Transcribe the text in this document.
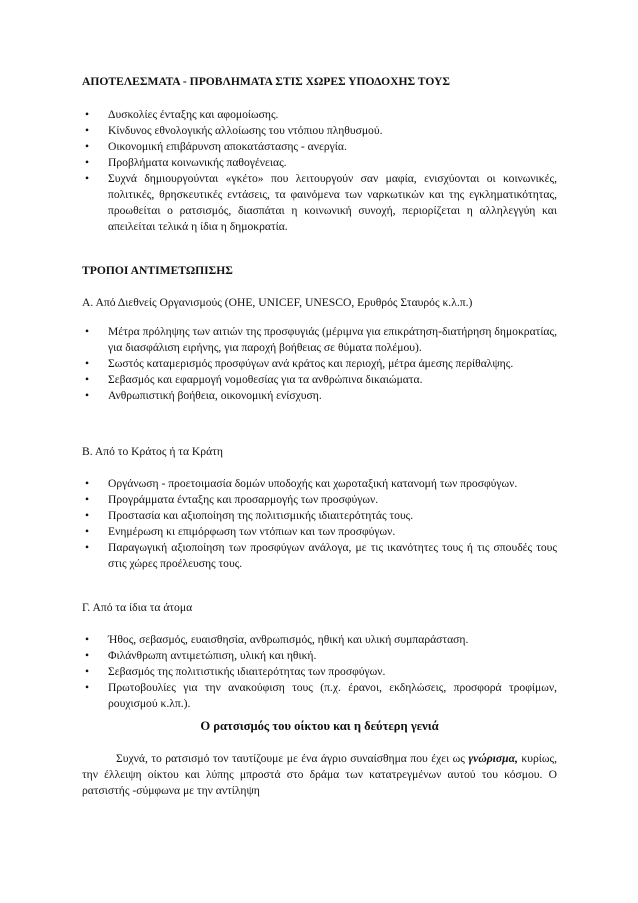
ΑΠΟΤΕΛΕΣΜΑΤΑ - ΠΡΟΒΛΗΜΑΤΑ ΣΤΙΣ ΧΩΡΕΣ ΥΠΟΔΟΧΗΣ ΤΟΥΣ
• Δυσκολίες ένταξης και αφομοίωσης.
• Κίνδυνος εθνολογικής αλλοίωσης του ντόπιου πληθυσμού.
• Οικονομική επιβάρυνση αποκατάστασης - ανεργία.
• Προβλήματα κοινωνικής παθογένειας.
• Συχνά δημιουργούνται «γκέτο» που λειτουργούν σαν μαφία, ενισχύονται οι κοινωνικές, πολιτικές, θρησκευτικές εντάσεις, τα φαινόμενα των ναρκωτικών και της εγκληματικότητας, προωθείται ο ρατσισμός, διασπάται η κοινωνική συνοχή, περιορίζεται η αλληλεγγύη και απειλείται τελικά η ίδια η δημοκρατία.
ΤΡΟΠΟΙ ΑΝΤΙΜΕΤΩΠΙΣΗΣ
Α. Από Διεθνείς Οργανισμούς (ΟΗΕ, UNICEF, UNESCO, Ερυθρός Σταυρός κ.λ.π.)
• Μέτρα πρόληψης των αιτιών της προσφυγιάς (μέριμνα για επικράτηση-διατήρηση δημοκρατίας, για διασφάλιση ειρήνης, για παροχή βοήθειας σε θύματα πολέμου).
• Σωστός καταμερισμός προσφύγων ανά κράτος και περιοχή, μέτρα άμεσης περίθαλψης.
• Σεβασμός και εφαρμογή νομοθεσίας για τα ανθρώπινα δικαιώματα.
• Ανθρωπιστική βοήθεια, οικονομική ενίσχυση.
Β. Από το Κράτος ή τα Κράτη
• Οργάνωση - προετοιμασία δομών υποδοχής και χωροταξική κατανομή των προσφύγων.
• Προγράμματα ένταξης και προσαρμογής των προσφύγων.
• Προστασία και αξιοποίηση της πολιτισμικής ιδιαιτερότητάς τους.
• Ενημέρωση κι επιμόρφωση των ντόπιων και των προσφύγων.
• Παραγωγική αξιοποίηση των προσφύγων ανάλογα, με τις ικανότητες τους ή τις σπουδές τους στις χώρες προέλευσης τους.
Γ. Από τα ίδια τα άτομα
• Ήθος, σεβασμός, ευαισθησία, ανθρωπισμός, ηθική και υλική συμπαράσταση.
• Φιλάνθρωπη αντιμετώπιση, υλική και ηθική.
• Σεβασμός της πολιτιστικής ιδιαιτερότητας των προσφύγων.
• Πρωτοβουλίες για την ανακούφιση τους (π.χ. έρανοι, εκδηλώσεις, προσφορά τροφίμων, ρουχισμού κ.λπ.).
Ο ρατσισμός του οίκτου και η δεύτερη γενιά
Συχνά, το ρατσισμό τον ταυτίζουμε με ένα άγριο συναίσθημα που έχει ως γνώρισμα, κυρίως, την έλλειψη οίκτου και λύπης μπροστά στο δράμα των κατατρεγμένων αυτού του κόσμου. Ο ρατσιστής -σύμφωνα με την αντίληψη
